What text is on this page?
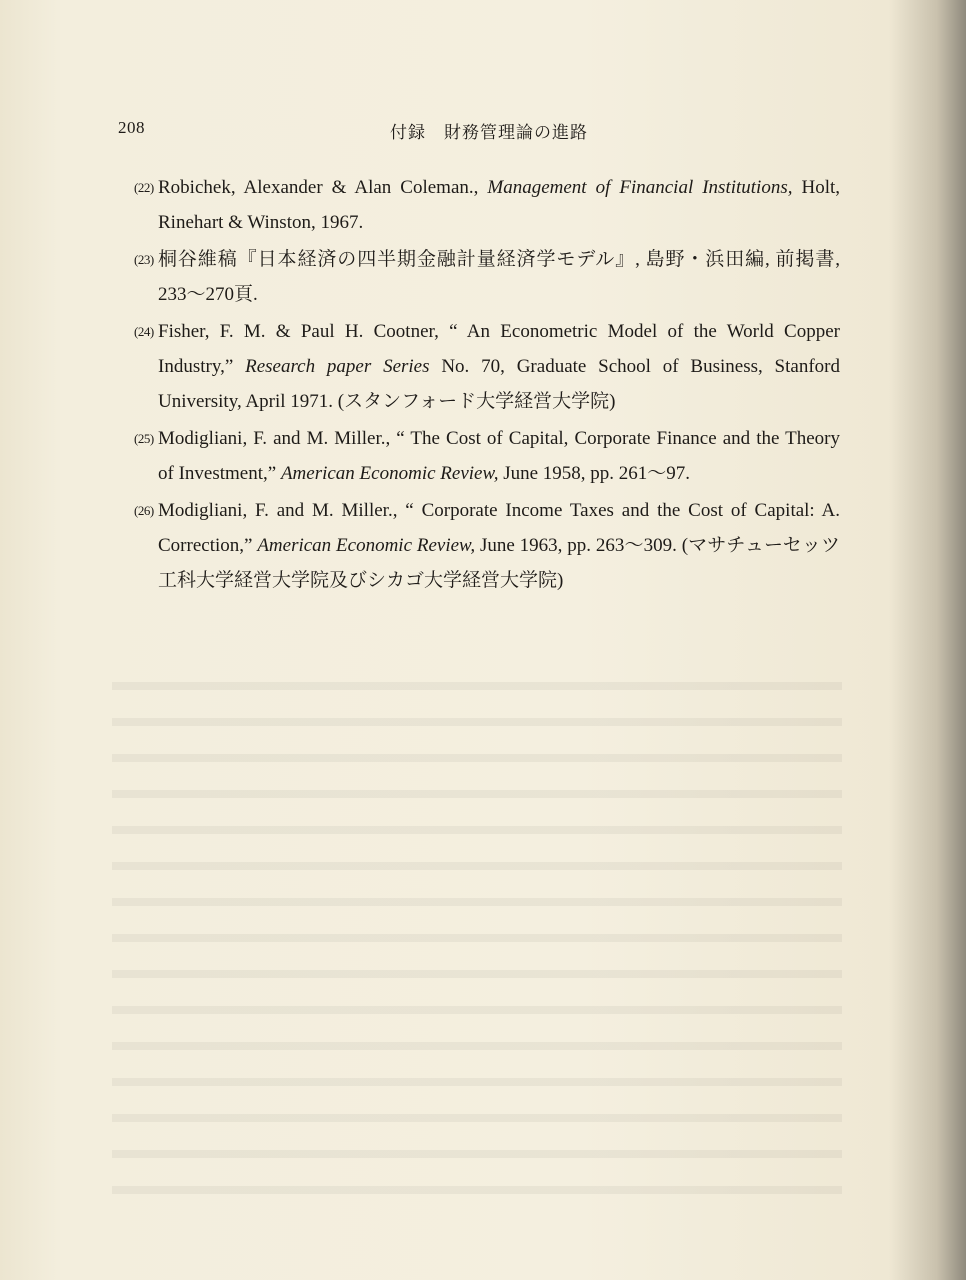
208	付録　財務管理論の進路
(22) Robichek, Alexander & Alan Coleman., Management of Financial Institutions, Holt, Rinehart & Winston, 1967.
(23) 桐谷維稿『日本経済の四半期金融計量経済学モデル』, 島野・浜田編, 前掲書, 233～270頁.
(24) Fisher, F. M. & Paul H. Cootner, “ An Econometric Model of the World Copper Industry,” Research paper Series No. 70, Graduate School of Business, Stanford University, April 1971. (スタンフォード大学経営大学院)
(25) Modigliani, F. and M. Miller., “ The Cost of Capital, Corporate Finance and the Theory of Investment,” American Economic Review, June 1958, pp. 261～97.
(26) Modigliani, F. and M. Miller., “ Corporate Income Taxes and the Cost of Capital: A. Correction,” American Economic Review, June 1963, pp. 263～309. (マサチューセッツ工科大学経営大学院及びシカゴ大学経営大学院)
